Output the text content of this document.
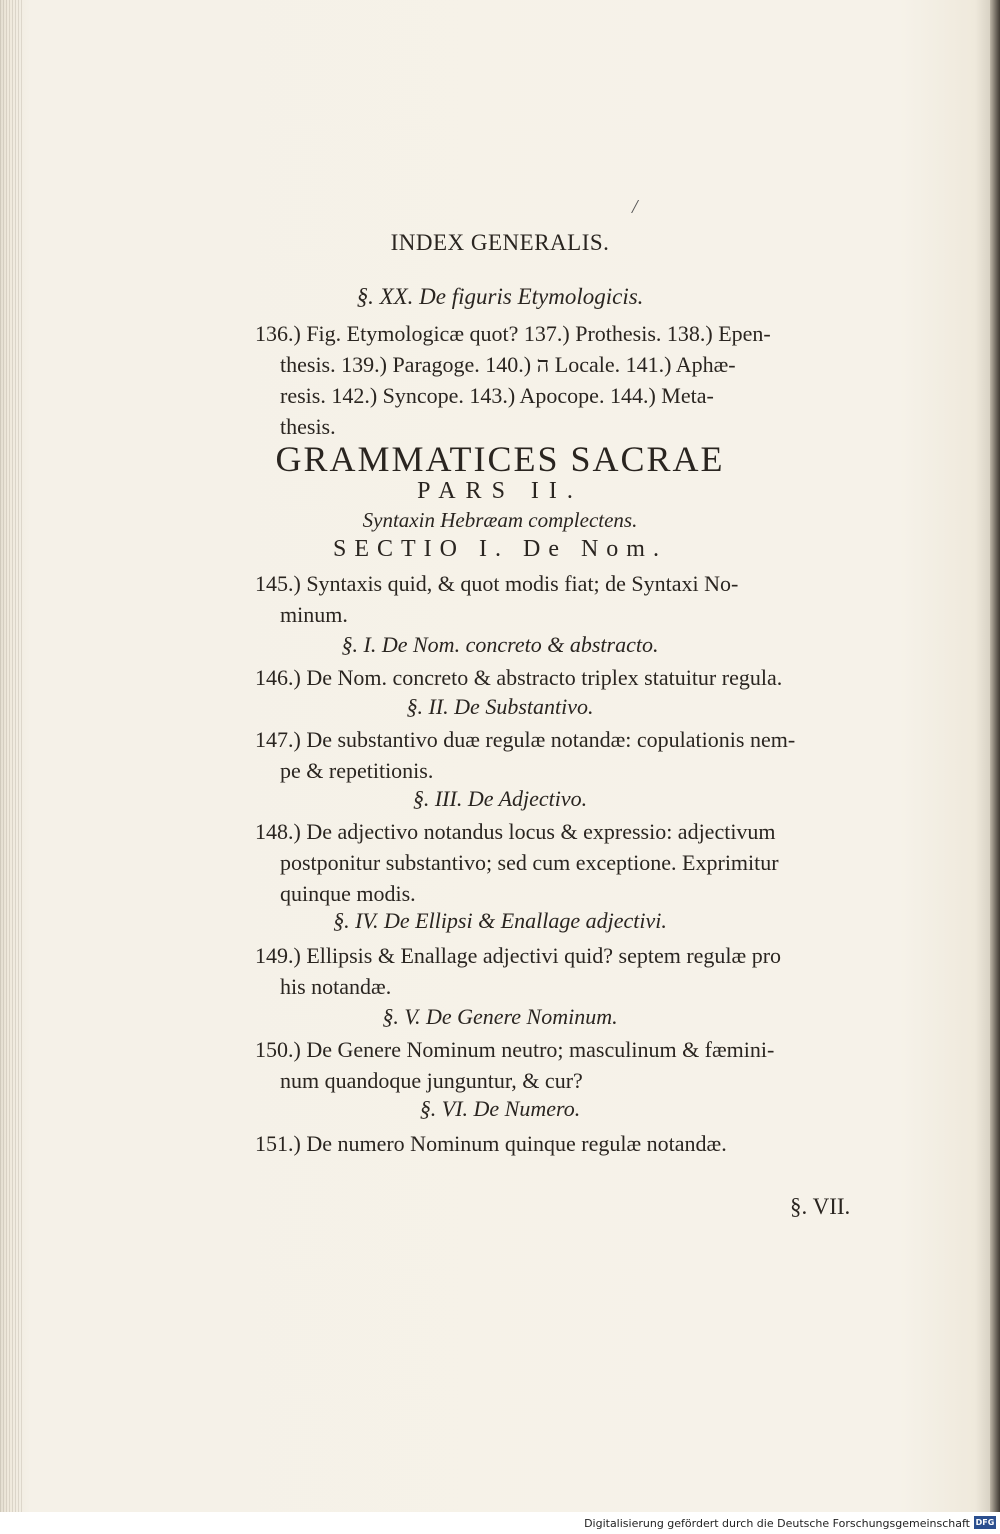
/
INDEX GENERALIS.
§. XX. De figuris Etymologicis.
136.) Fig. Etymologicæ quot? 137.) Prothesis. 138.) Epen-
thesis. 139.) Paragoge. 140.) ה Locale. 141.) Aphæ-
resis. 142.) Syncope. 143.) Apocope. 144.) Meta-
thesis.
GRAMMATICES SACRAE
PARS II.
Syntaxin Hebræam complectens.
SECTIO I. De Nom.
145.) Syntaxis quid, & quot modis fiat; de Syntaxi No-
minum.
§. I. De Nom. concreto & abstracto.
146.) De Nom. concreto & abstracto triplex statuitur regula.
§. II. De Substantivo.
147.) De substantivo duæ regulæ notandæ: copulationis nem-
pe & repetitionis.
§. III. De Adjectivo.
148.) De adjectivo notandus locus & expressio: adjectivum
postponitur substantivo; sed cum exceptione. Exprimitur
quinque modis.
§. IV. De Ellipsi & Enallage adjectivi.
149.) Ellipsis & Enallage adjectivi quid? septem regulæ pro
his notandæ.
§. V. De Genere Nominum.
150.) De Genere Nominum neutro; masculinum & fæmini-
num quandoque junguntur, & cur?
§. VI. De Numero.
151.) De numero Nominum quinque regulæ notandæ.
§. VII.
Digitalisierung gefördert durch die Deutsche Forschungsgemeinschaft DFG
